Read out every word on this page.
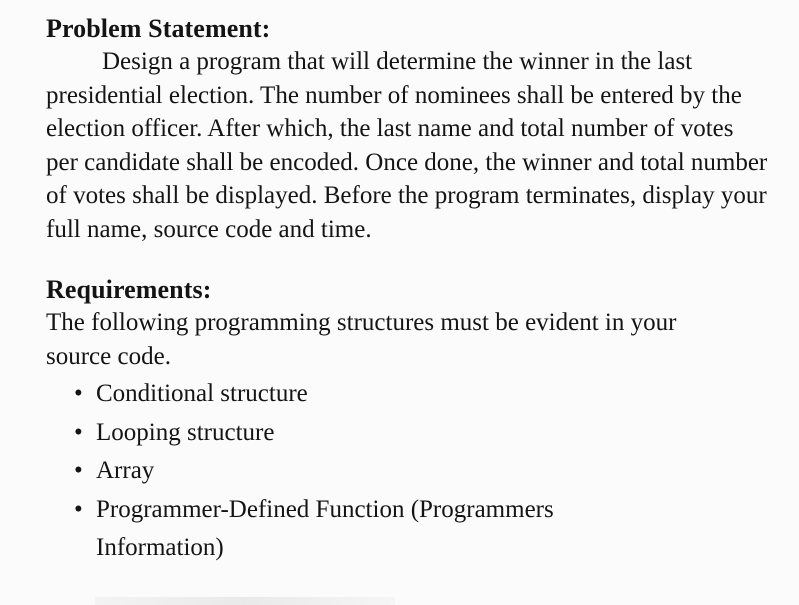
Problem Statement:

Design a program that will determine the winner in the last presidential election. The number of nominees shall be entered by the election officer. After which, the last name and total number of votes per candidate shall be encoded. Once done, the winner and total number of votes shall be displayed. Before the program terminates, display your full name, source code and time.

Requirements:

The following programming structures must be evident in your source code.

• Conditional structure
• Looping structure
• Array
• Programmer-Defined Function (Programmers Information)
